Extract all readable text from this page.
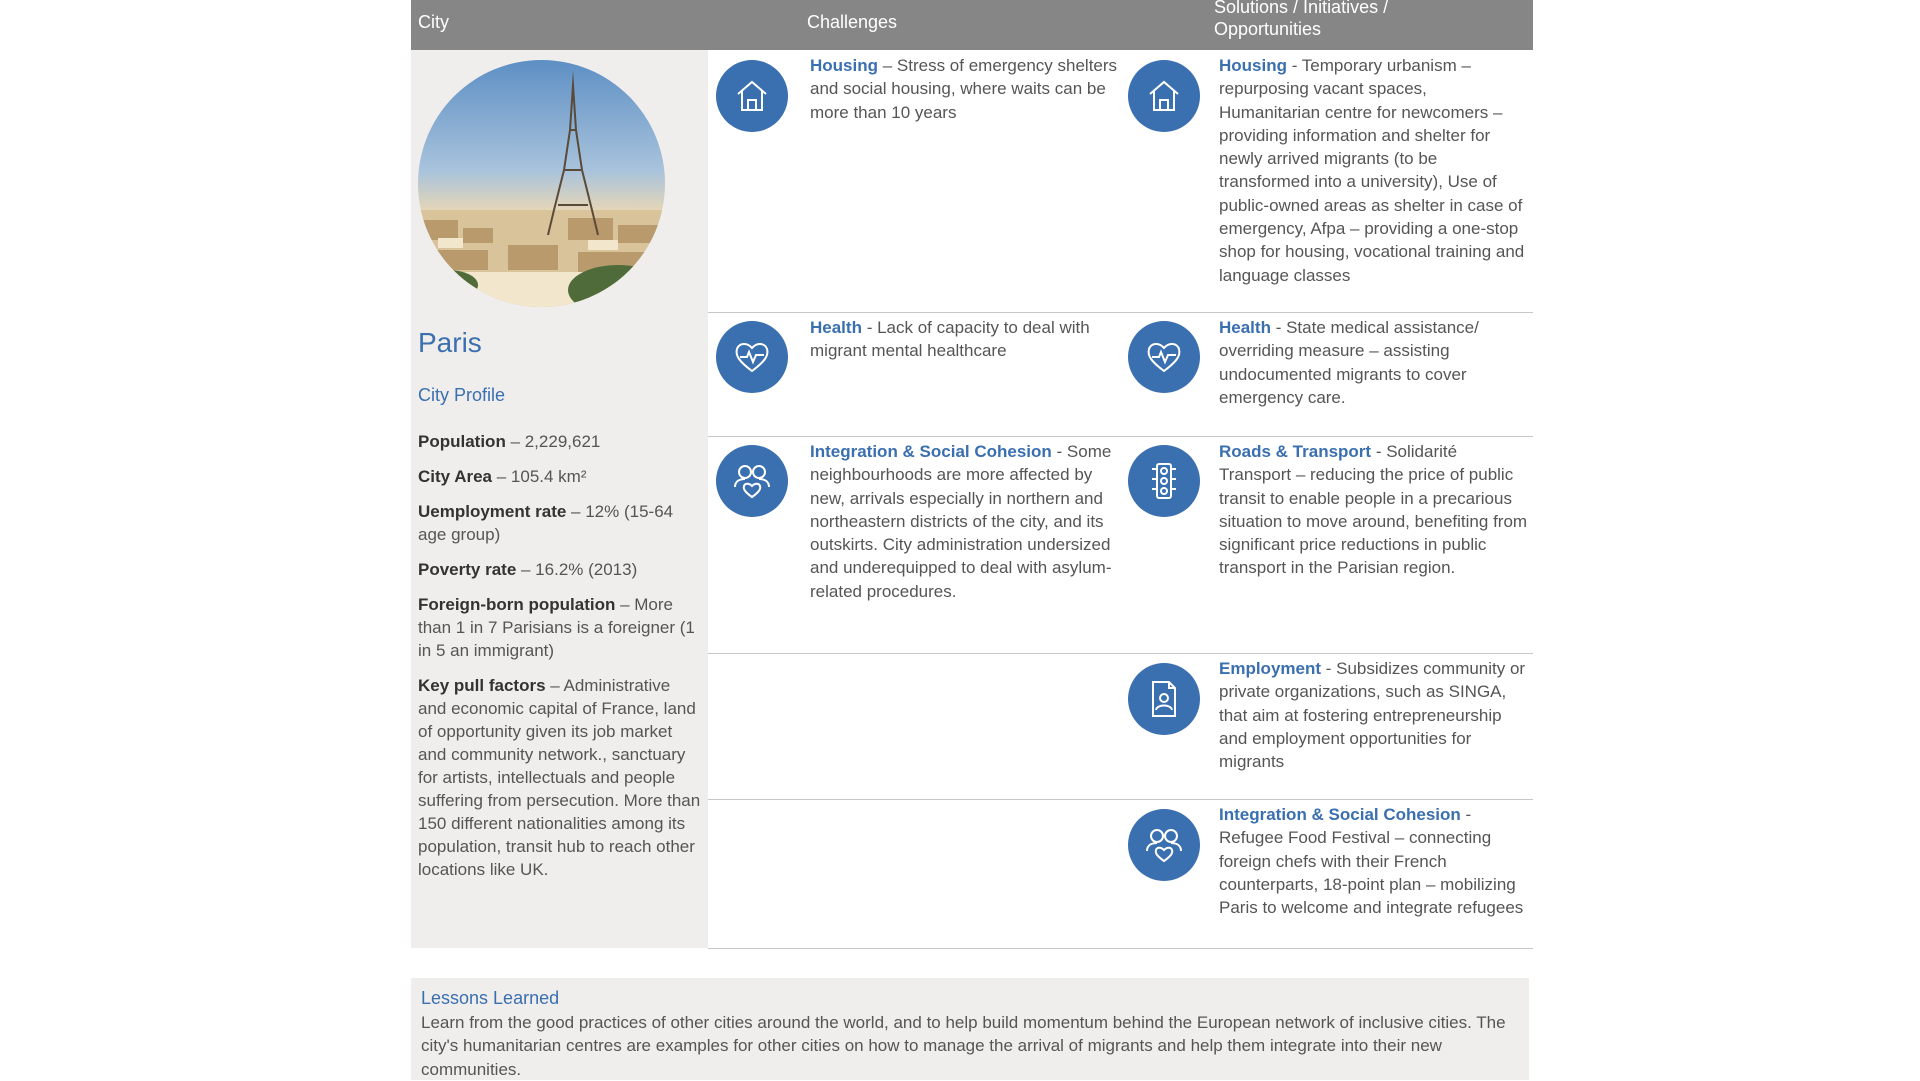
City	Challenges
Solutions / Initiatives / Opportunities
Paris
City Profile

Population – 2,229,621

City Area – 105.4 km²

Uemployment rate – 12% (15-64 age group)

Poverty rate – 16.2% (2013)

Foreign-born population – More than 1 in 7 Parisians is a foreigner (1 in 5 an immigrant)

Key pull factors – Administrative and economic capital of France, land of opportunity given its job market and community network., sanctuary for artists, intellectuals and people suffering from persecution. More than 150 different nationalities among its population, transit hub to reach other locations like UK.

Housing – Stress of emergency shelters and social housing, where waits can be more than 10 years
Housing - Temporary urbanism – repurposing vacant spaces, Humanitarian centre for newcomers – providing information and shelter for newly arrived migrants (to be transformed into a university), Use of public-owned areas as shelter in case of emergency, Afpa – providing a one-stop shop for housing, vocational training and language classes
Health - Lack of capacity to deal with migrant mental healthcare
Health - State medical assistance/ overriding measure – assisting undocumented migrants to cover emergency care.
Integration & Social Cohesion - Some neighbourhoods are more affected by new, arrivals especially in northern and northeastern districts of the city, and its outskirts. City administration undersized and underequipped to deal with asylum-related procedures.
Roads & Transport - Solidarité Transport – reducing the price of public transit to enable people in a precarious situation to move around, benefiting from significant price reductions in public transport in the Parisian region.
Employment - Subsidizes community or private organizations, such as SINGA, that aim at fostering entrepreneurship and employment opportunities for migrants
Integration & Social Cohesion - Refugee Food Festival – connecting foreign chefs with their French counterparts, 18-point plan – mobilizing Paris to welcome and integrate refugees
Lessons Learned
Learn from the good practices of other cities around the world, and to help build momentum behind the European network of inclusive cities. The city's humanitarian centres are examples for other cities on how to manage the arrival of migrants and help them integrate into their new communities.
